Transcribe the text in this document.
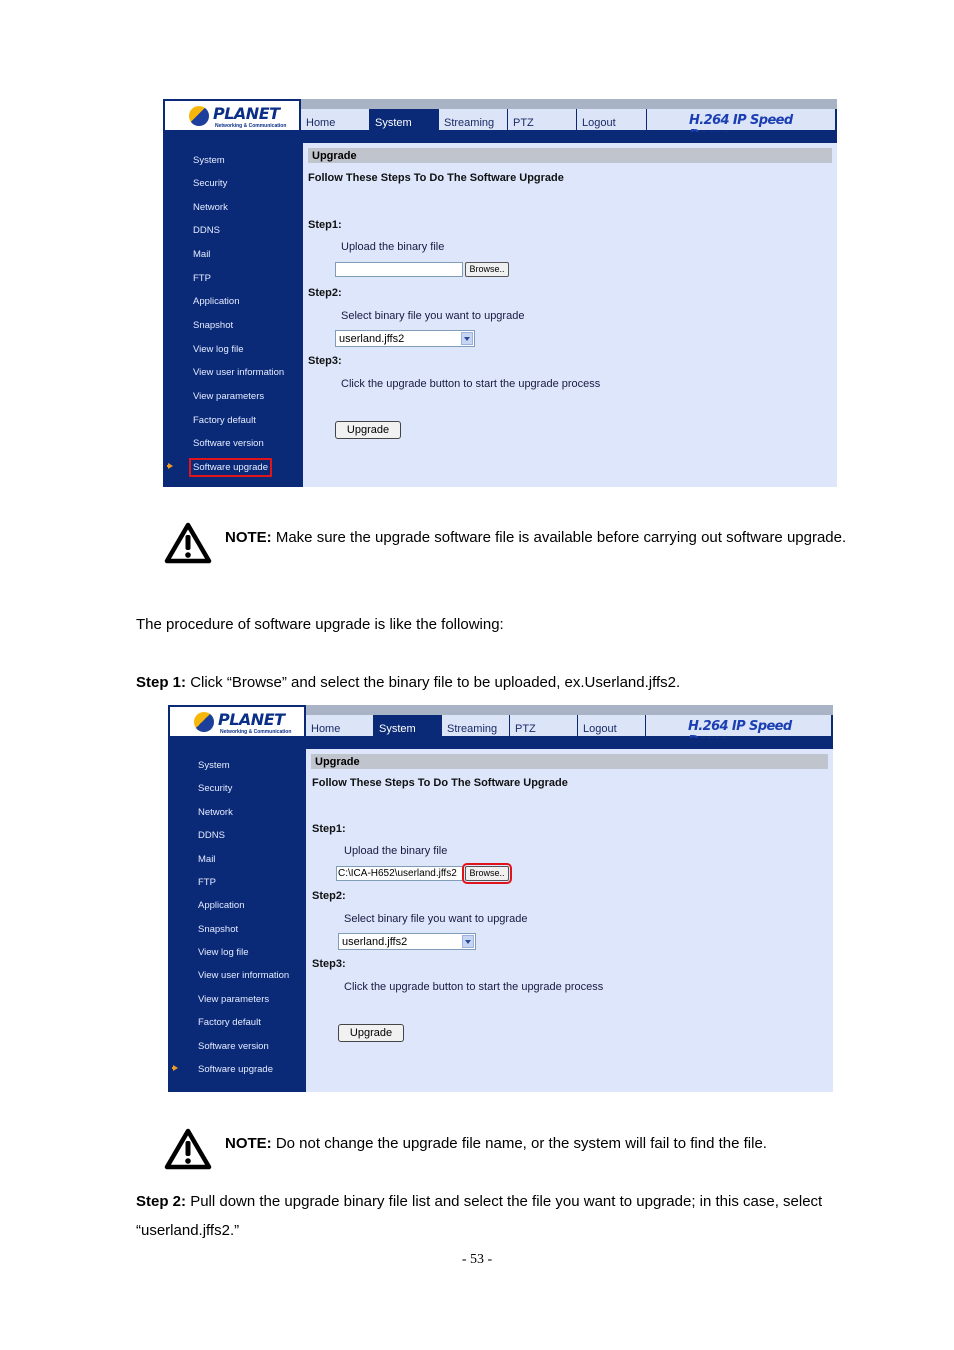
PLANET
Networking & Communication	Home	System	Streaming	PTZ	Logout	H.264 IP Speed
System
Security
Network
DDNS
Mail
FTP
Application
Snapshot
View log file
View user information
View parameters
Factory default
Software version
Software upgrade
Upgrade
Follow These Steps To Do The Software Upgrade
Step1:
Upload the binary file
Browse..
Step2:
Select binary file you want to upgrade
userland.jffs2
Step3:
Click the upgrade button to start the upgrade process
Upgrade
NOTE: Make sure the upgrade software file is available before carrying out software upgrade.
The procedure of software upgrade is like the following:
Step 1: Click “Browse” and select the binary file to be uploaded, ex.Userland.jffs2.
PLANET
Networking & Communication	Home	System	Streaming	PTZ	Logout	H.264 IP Speed
System
Security
Network
DDNS
Mail
FTP
Application
Snapshot
View log file
View user information
View parameters
Factory default
Software version
Software upgrade
Upgrade
Follow These Steps To Do The Software Upgrade
Step1:
Upload the binary file
C:\ICA-H652\userland.jffs2	Browse..
Step2:
Select binary file you want to upgrade
userland.jffs2
Step3:
Click the upgrade button to start the upgrade process
Upgrade
NOTE: Do not change the upgrade file name, or the system will fail to find the file.
Step 2: Pull down the upgrade binary file list and select the file you want to upgrade; in this case, select “userland.jffs2.”
- 53 -
